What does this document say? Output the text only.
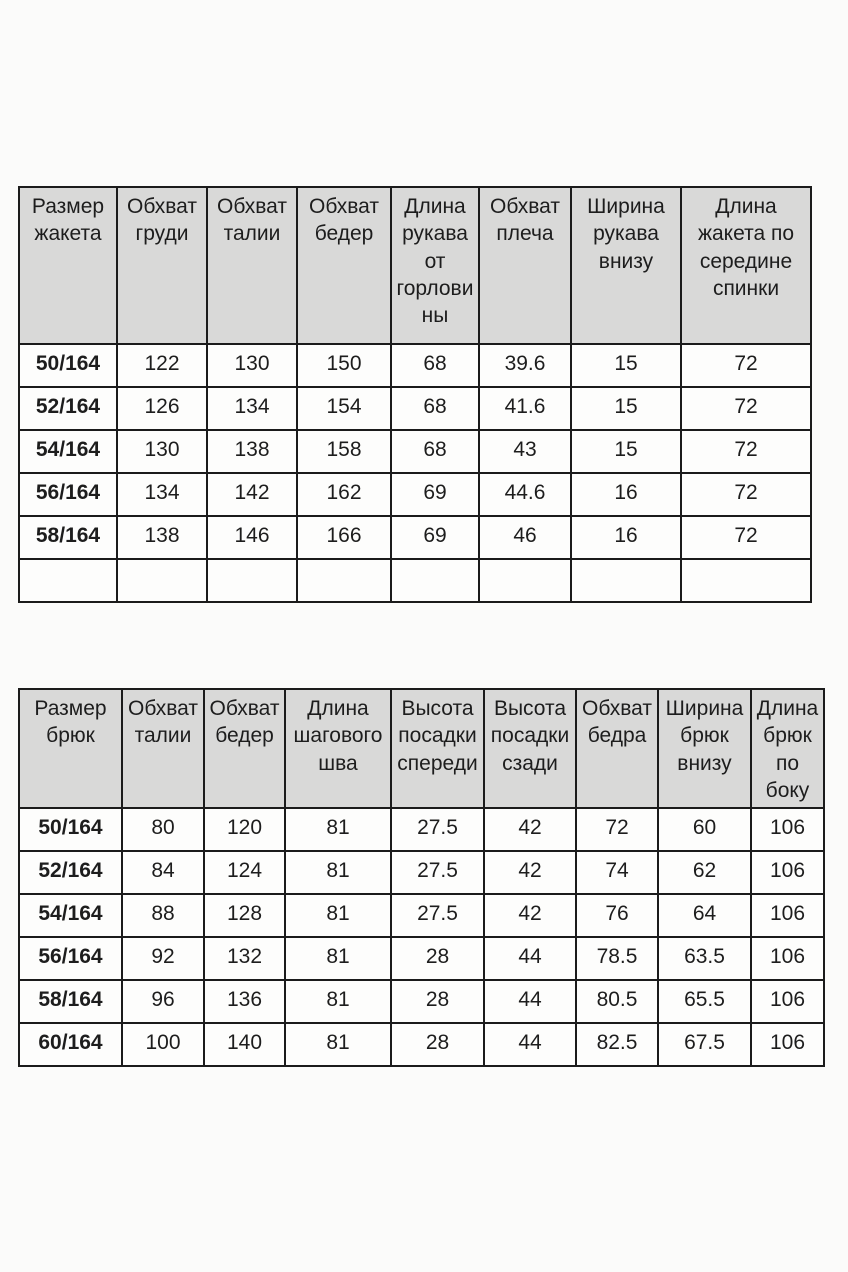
Размер жакета	Обхват груди	Обхват талии	Обхват бедер	Длина рукава от горловины	Обхват плеча	Ширина рукава внизу	Длина жакета по середине спинки
50/164	122	130	150	68	39.6	15	72
52/164	126	134	154	68	41.6	15	72
54/164	130	138	158	68	43	15	72
56/164	134	142	162	69	44.6	16	72
58/164	138	146	166	69	46	16	72

Размер брюк	Обхват талии	Обхват бедер	Длина шагового шва	Высота посадки спереди	Высота посадки сзади	Обхват бедра	Ширина брюк внизу	Длина брюк по боку
50/164	80	120	81	27.5	42	72	60	106
52/164	84	124	81	27.5	42	74	62	106
54/164	88	128	81	27.5	42	76	64	106
56/164	92	132	81	28	44	78.5	63.5	106
58/164	96	136	81	28	44	80.5	65.5	106
60/164	100	140	81	28	44	82.5	67.5	106
